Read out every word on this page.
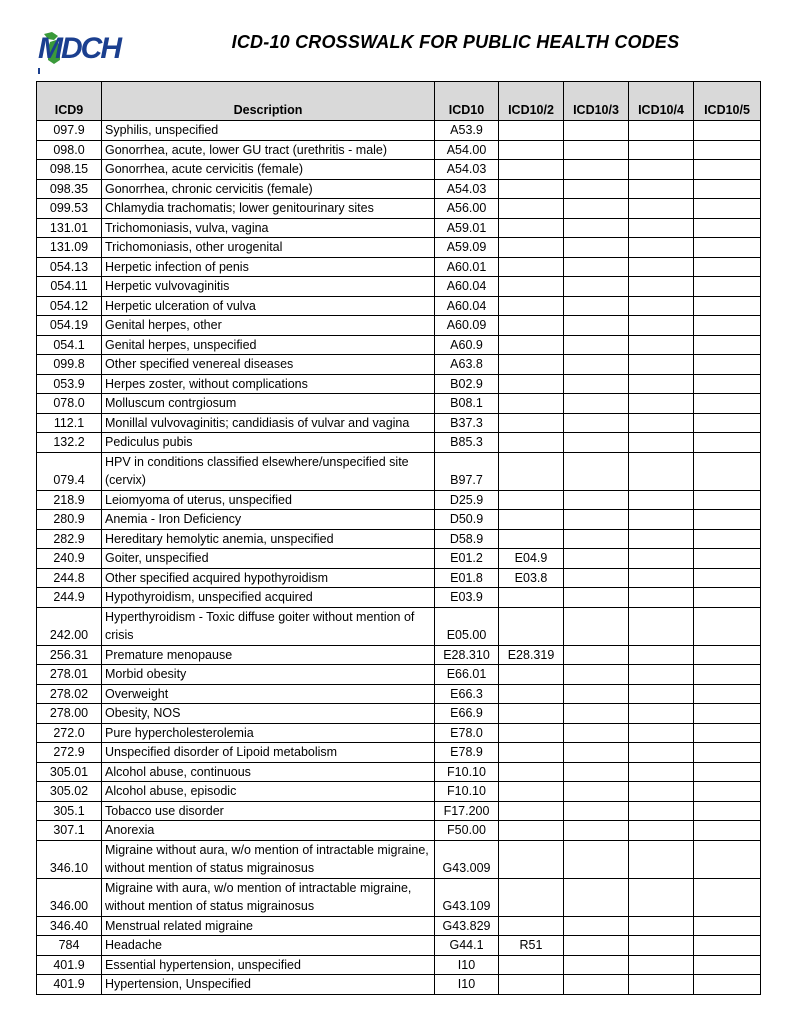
MDCH	ICD-10 CROSSWALK FOR PUBLIC HEALTH CODES
ICD9	Description	ICD10	ICD10/2	ICD10/3	ICD10/4	ICD10/5
097.9	Syphilis, unspecified	A53.9				
098.0	Gonorrhea, acute, lower GU tract (urethritis - male)	A54.00				
098.15	Gonorrhea, acute cervicitis (female)	A54.03				
098.35	Gonorrhea, chronic cervicitis (female)	A54.03				
099.53	Chlamydia trachomatis; lower genitourinary sites	A56.00				
131.01	Trichomoniasis, vulva, vagina	A59.01				
131.09	Trichomoniasis, other urogenital	A59.09				
054.13	Herpetic infection of penis	A60.01				
054.11	Herpetic vulvovaginitis	A60.04				
054.12	Herpetic ulceration of vulva	A60.04				
054.19	Genital herpes, other	A60.09				
054.1	Genital herpes, unspecified	A60.9				
099.8	Other specified venereal diseases	A63.8				
053.9	Herpes zoster, without complications	B02.9				
078.0	Molluscum contrgiosum	B08.1				
112.1	Monillal vulvovaginitis; candidiasis of vulvar and vagina	B37.3				
132.2	Pediculus pubis	B85.3				
079.4	HPV in conditions classified elsewhere/unspecified site (cervix)	B97.7				
218.9	Leiomyoma of uterus, unspecified	D25.9				
280.9	Anemia - Iron Deficiency	D50.9				
282.9	Hereditary hemolytic anemia, unspecified	D58.9				
240.9	Goiter, unspecified	E01.2	E04.9			
244.8	Other specified acquired hypothyroidism	E01.8	E03.8			
244.9	Hypothyroidism, unspecified acquired	E03.9				
242.00	Hyperthyroidism - Toxic diffuse goiter without mention of crisis	E05.00				
256.31	Premature menopause	E28.310	E28.319			
278.01	Morbid obesity	E66.01				
278.02	Overweight	E66.3				
278.00	Obesity, NOS	E66.9				
272.0	Pure hypercholesterolemia	E78.0				
272.9	Unspecified disorder of Lipoid metabolism	E78.9				
305.01	Alcohol abuse, continuous	F10.10				
305.02	Alcohol abuse, episodic	F10.10				
305.1	Tobacco use disorder	F17.200				
307.1	Anorexia	F50.00				
346.10	Migraine without aura, w/o mention of intractable migraine, without mention of status migrainosus	G43.009				
346.00	Migraine with aura, w/o mention of intractable migraine, without mention of status migrainosus	G43.109				
346.40	Menstrual related migraine	G43.829				
784	Headache	G44.1	R51			
401.9	Essential hypertension, unspecified	I10				
401.9	Hypertension, Unspecified	I10				
